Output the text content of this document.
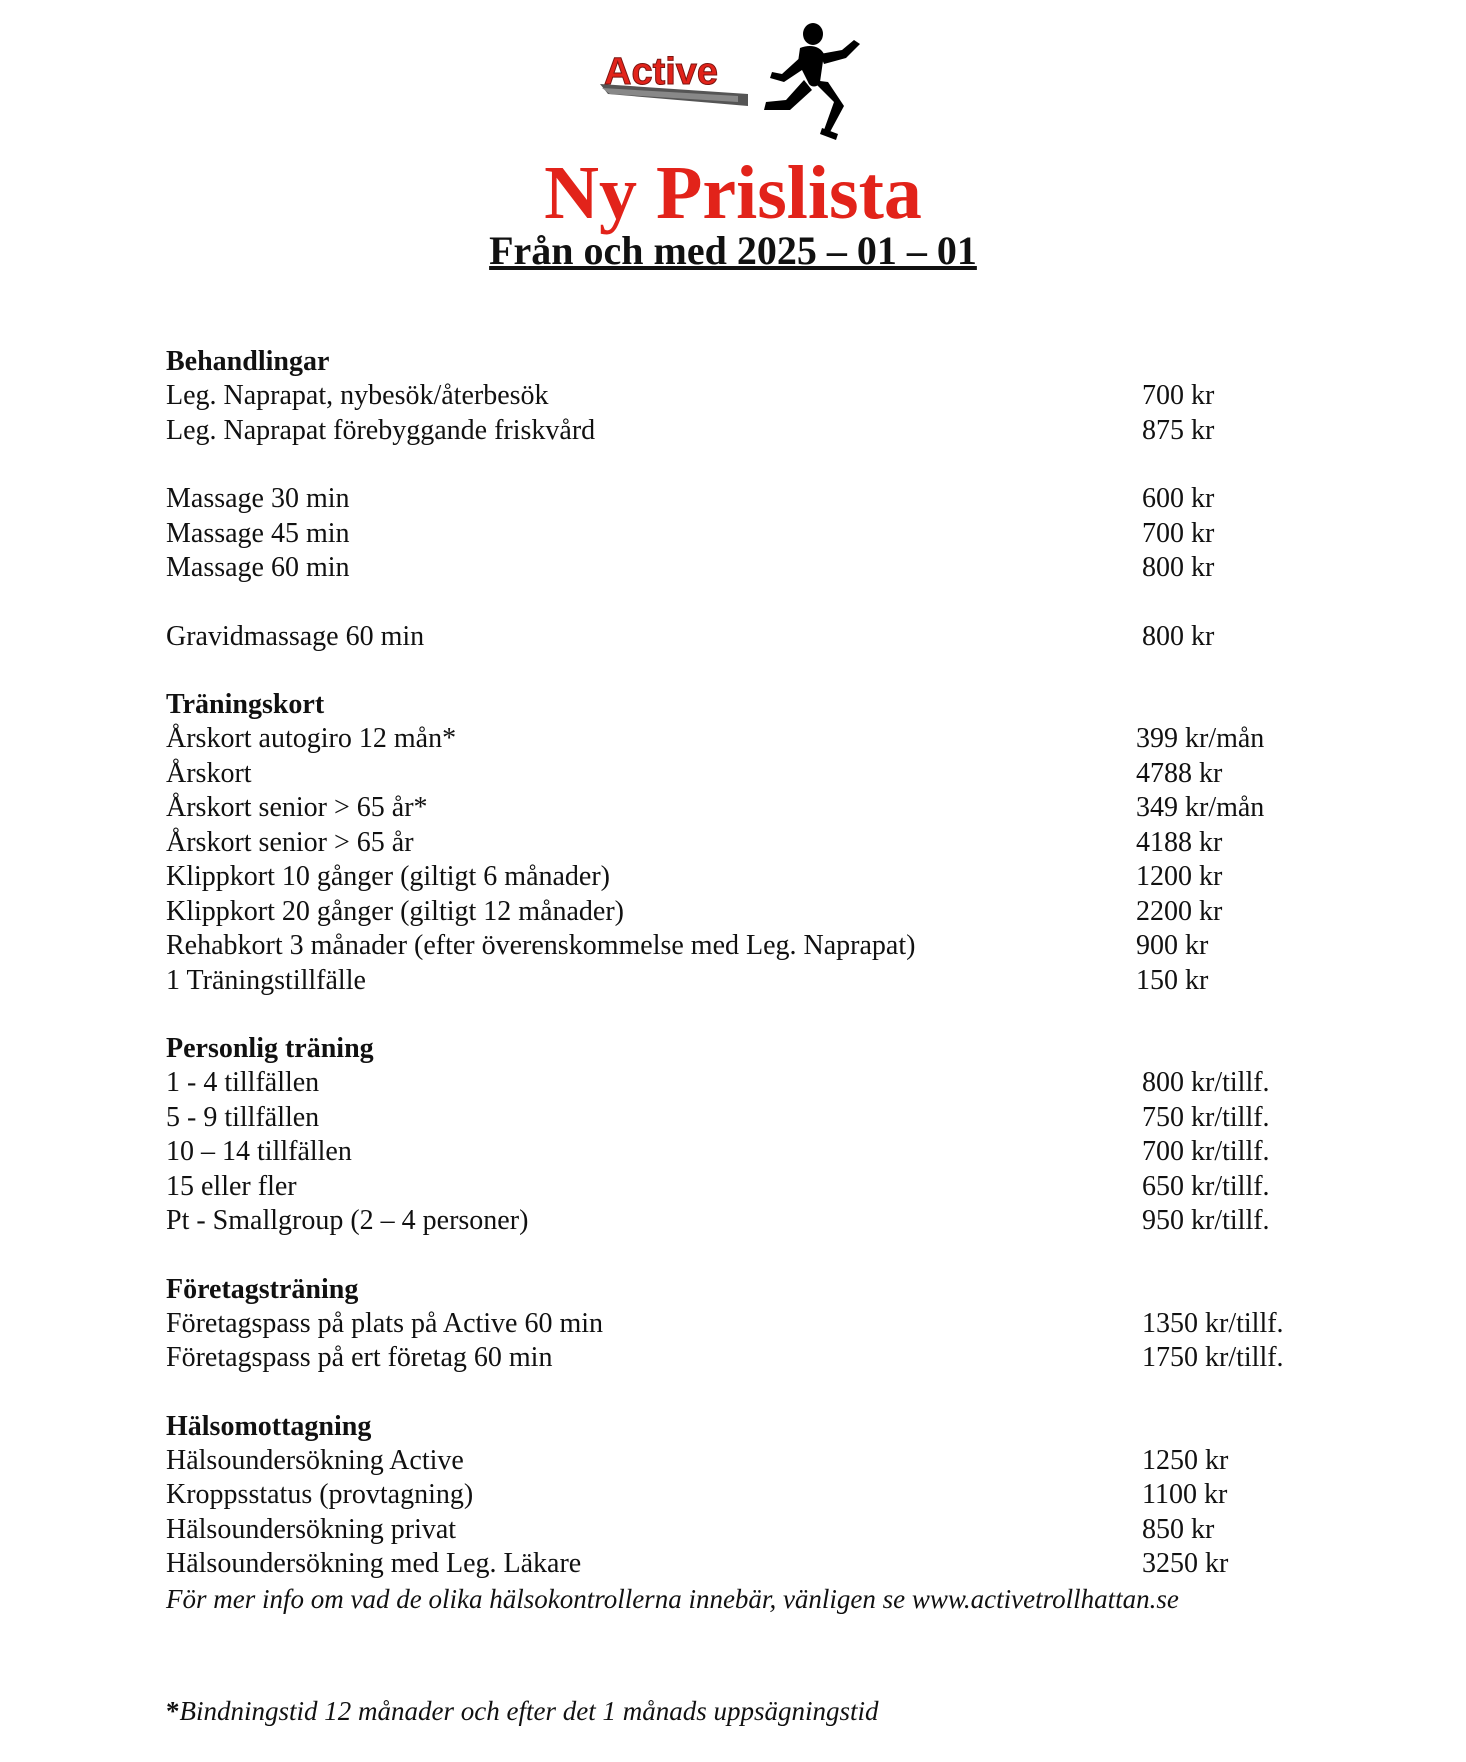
Active
Ny Prislista
Från och med 2025 – 01 – 01
Behandlingar
Leg. Naprapat, nybesök/återbesök	700 kr
Leg. Naprapat förebyggande friskvård	875 kr
Massage 30 min	600 kr
Massage 45 min	700 kr
Massage 60 min	800 kr
Gravidmassage 60 min	800 kr
Träningskort
Årskort autogiro 12 mån*	399 kr/mån
Årskort	4788 kr
Årskort senior > 65 år*	349 kr/mån
Årskort senior > 65 år	4188 kr
Klippkort 10 gånger (giltigt 6 månader)	1200 kr
Klippkort 20 gånger (giltigt 12 månader)	2200 kr
Rehabkort 3 månader (efter överenskommelse med Leg. Naprapat)	900 kr
1 Träningstillfälle	150 kr
Personlig träning
1 - 4 tillfällen	800 kr/tillf.
5 - 9 tillfällen	750 kr/tillf.
10 – 14 tillfällen	700 kr/tillf.
15 eller fler	650 kr/tillf.
Pt - Smallgroup (2 – 4 personer)	950 kr/tillf.
Företagsträning
Företagspass på plats på Active 60 min	1350 kr/tillf.
Företagspass på ert företag 60 min	1750 kr/tillf.
Hälsomottagning
Hälsoundersökning Active	1250 kr
Kroppsstatus (provtagning)	1100 kr
Hälsoundersökning privat	850 kr
Hälsoundersökning med Leg. Läkare	3250 kr
För mer info om vad de olika hälsokontrollerna innebär, vänligen se www.activetrollhattan.se
*Bindningstid 12 månader och efter det 1 månads uppsägningstid
